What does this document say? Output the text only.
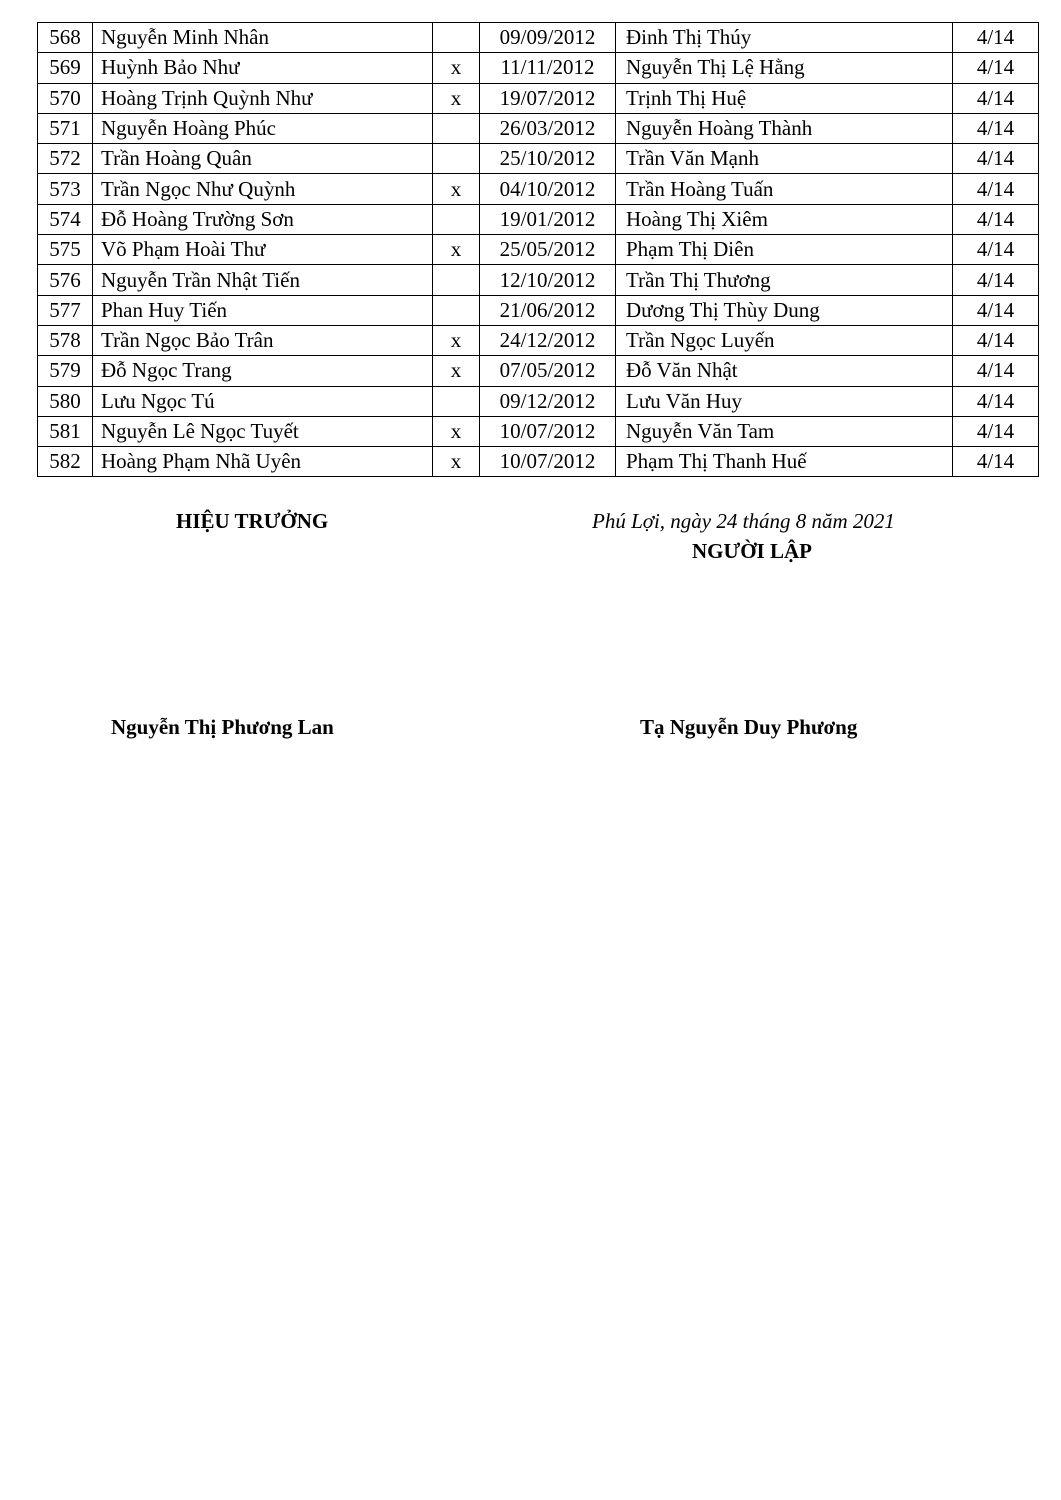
568	Nguyễn Minh Nhân		09/09/2012	Đinh Thị Thúy	4/14
569	Huỳnh Bảo Như	x	11/11/2012	Nguyễn Thị Lệ Hằng	4/14
570	Hoàng Trịnh Quỳnh Như	x	19/07/2012	Trịnh Thị Huệ	4/14
571	Nguyễn Hoàng Phúc		26/03/2012	Nguyễn Hoàng Thành	4/14
572	Trần Hoàng Quân		25/10/2012	Trần Văn Mạnh	4/14
573	Trần Ngọc Như Quỳnh	x	04/10/2012	Trần Hoàng Tuấn	4/14
574	Đỗ Hoàng Trường Sơn		19/01/2012	Hoàng Thị Xiêm	4/14
575	Võ Phạm Hoài Thư	x	25/05/2012	Phạm Thị Diên	4/14
576	Nguyễn Trần Nhật Tiến		12/10/2012	Trần Thị Thương	4/14
577	Phan Huy Tiến		21/06/2012	Dương Thị Thùy Dung	4/14
578	Trần Ngọc Bảo Trân	x	24/12/2012	Trần Ngọc Luyến	4/14
579	Đỗ Ngọc Trang	x	07/05/2012	Đỗ Văn Nhật	4/14
580	Lưu Ngọc Tú		09/12/2012	Lưu Văn Huy	4/14
581	Nguyễn Lê Ngọc Tuyết	x	10/07/2012	Nguyễn Văn Tam	4/14
582	Hoàng Phạm Nhã Uyên	x	10/07/2012	Phạm Thị Thanh Huế	4/14
HIỆU TRƯỞNG	Phú Lợi, ngày 24 tháng 8 năm 2021
NGƯỜI LẬP
Nguyễn Thị Phương Lan	Tạ Nguyễn Duy Phương
